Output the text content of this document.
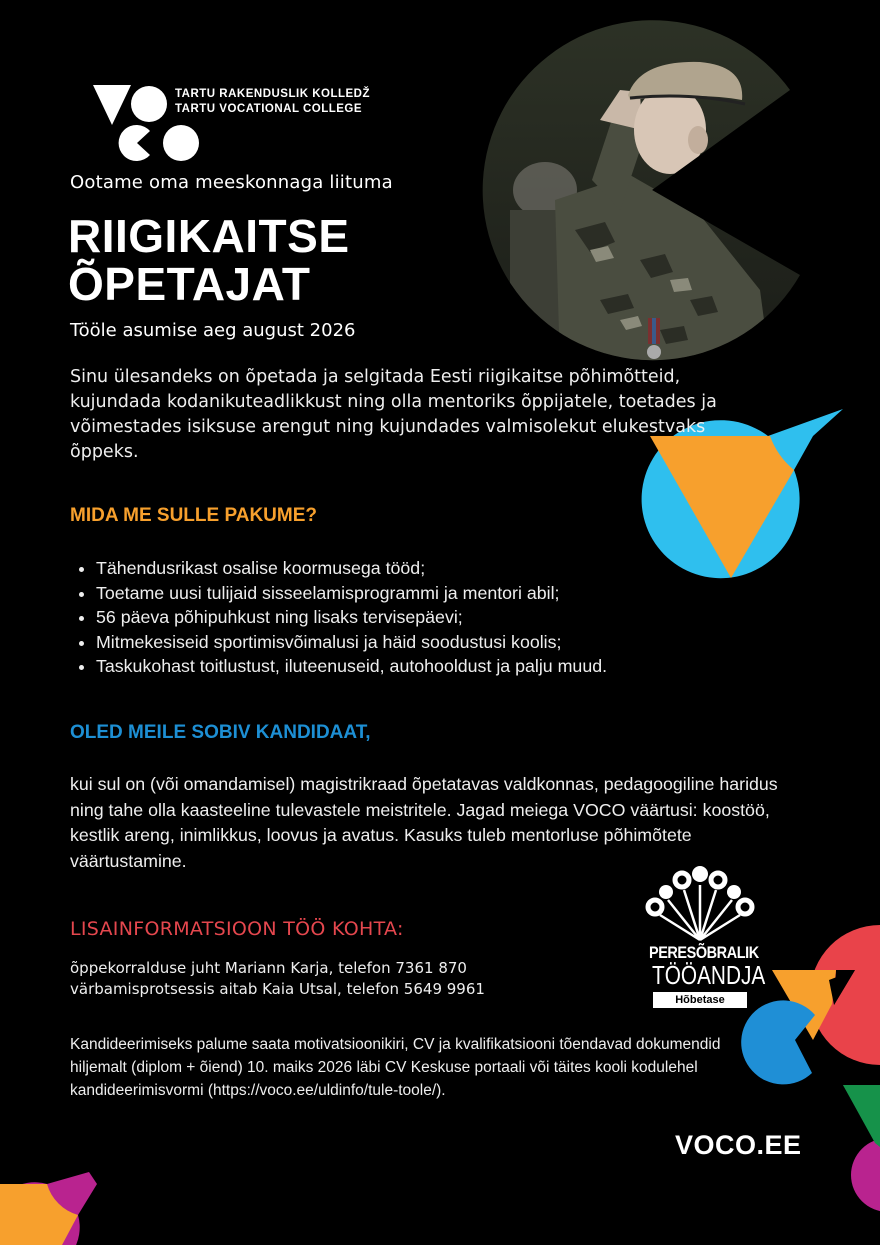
TARTU RAKENDUSLIK KOLLEDŽ
TARTU VOCATIONAL COLLEGE
Ootame oma meeskonnaga liituma
RIIGIKAITSE
ÕPETAJAT
Tööle asumise aeg august 2026
Sinu ülesandeks on õpetada ja selgitada Eesti riigikaitse põhimõtteid, kujundada kodanikuteadlikkust ning olla mentoriks õppijatele, toetades ja võimestades isiksuse arengut ning kujundades valmisolekut elukestvaks õppeks.
MIDA ME SULLE PAKUME?
• Tähendusrikast osalise koormusega tööd;
• Toetame uusi tulijaid sisseelamisprogrammi ja mentori abil;
• 56 päeva põhipuhkust ning lisaks tervisepäevi;
• Mitmekesiseid sportimisvõimalusi ja häid soodustusi koolis;
• Taskukohast toitlustust, iluteenuseid, autohooldust ja palju muud.
OLED MEILE SOBIV KANDIDAAT,
kui sul on (või omandamisel) magistrikraad õpetatavas valdkonnas, pedagoogiline haridus ning tahe olla kaasteeline tulevastele meistritele. Jagad meiega VOCO väärtusi: koostöö, kestlik areng, inimlikkus, loovus ja avatus. Kasuks tuleb mentorluse põhimõtete väärtustamine.
LISAINFORMATSIOON TÖÖ KOHTA:
õppekorralduse juht Mariann Karja, telefon 7361 870
värbamisprotsessis aitab Kaia Utsal, telefon 5649 9961
Kandideerimiseks palume saata motivatsioonikiri, CV ja kvalifikatsiooni tõendavad dokumendid hiljemalt (diplom + õiend) 10. maiks 2026 läbi CV Keskuse portaali või täites kooli kodulehel kandideerimisvormi (https://voco.ee/uldinfo/tule-toole/).
PERESÕBRALIK
TÖÖANDJA
Hõbetase
VOCO.EE
